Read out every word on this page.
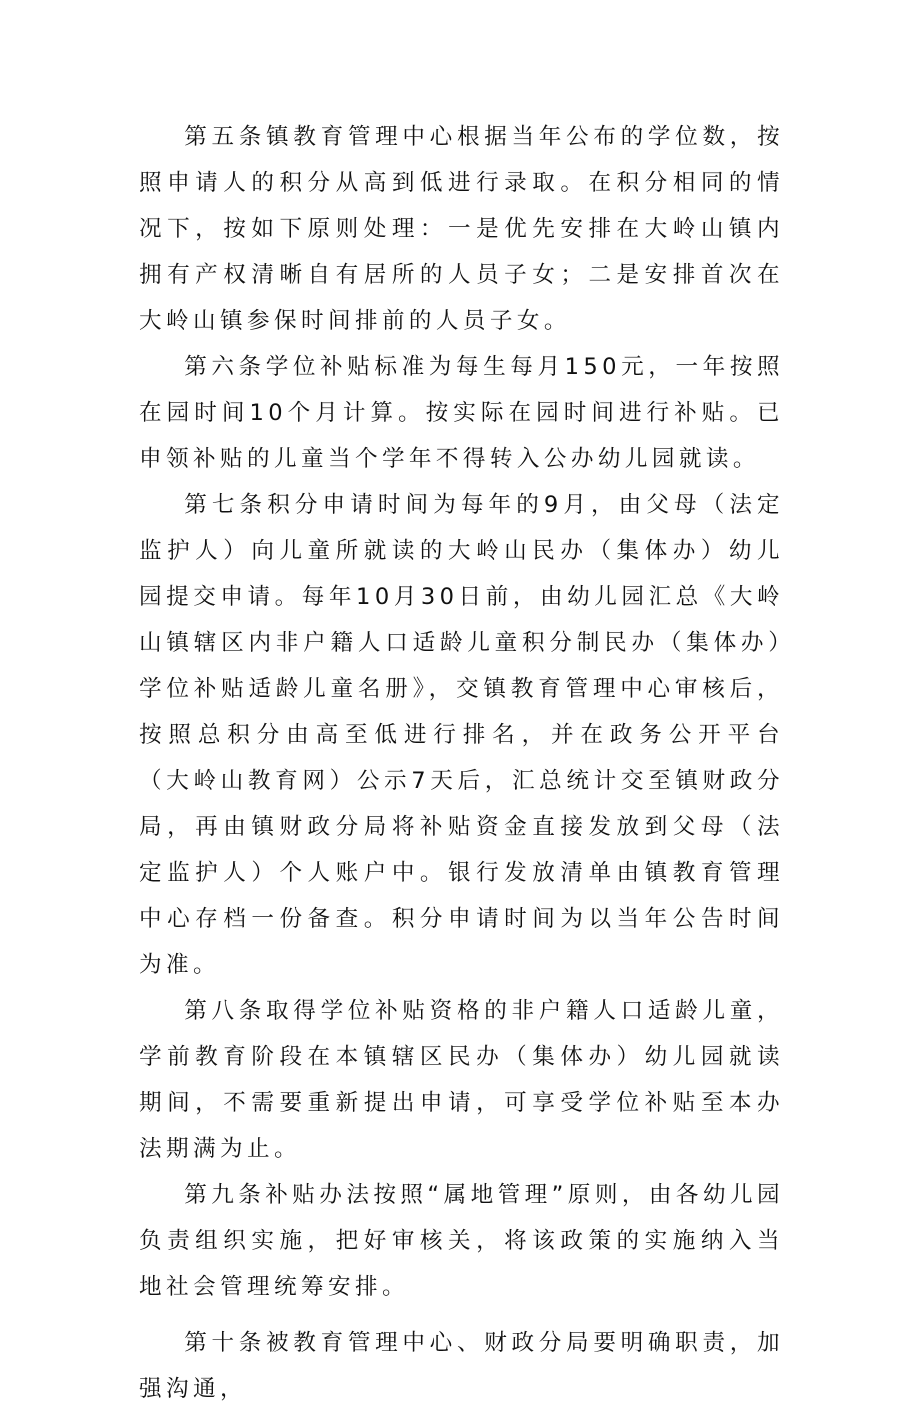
第五条镇教育管理中心根据当年公布的学位数，按照申请人的积分从高到低进行录取。在积分相同的情况下，按如下原则处理：一是优先安排在大岭山镇内拥有产权清晰自有居所的人员子女；二是安排首次在大岭山镇参保时间排前的人员子女。

第六条学位补贴标准为每生每月150元，一年按照在园时间10个月计算。按实际在园时间进行补贴。已申领补贴的儿童当个学年不得转入公办幼儿园就读。

第七条积分申请时间为每年的9月，由父母（法定监护人）向儿童所就读的大岭山民办（集体办）幼儿园提交申请。每年10月30日前，由幼儿园汇总《大岭山镇辖区内非户籍人口适龄儿童积分制民办（集体办）学位补贴适龄儿童名册》，交镇教育管理中心审核后，按照总积分由高至低进行排名，并在政务公开平台（大岭山教育网）公示7天后，汇总统计交至镇财政分局，再由镇财政分局将补贴资金直接发放到父母（法定监护人）个人账户中。银行发放清单由镇教育管理中心存档一份备查。积分申请时间为以当年公告时间为准。

第八条取得学位补贴资格的非户籍人口适龄儿童，学前教育阶段在本镇辖区民办（集体办）幼儿园就读期间，不需要重新提出申请，可享受学位补贴至本办法期满为止。

第九条补贴办法按照“属地管理”原则，由各幼儿园负责组织实施，把好审核关，将该政策的实施纳入当地社会管理统筹安排。

第十条被教育管理中心、财政分局要明确职责，加强沟通，
